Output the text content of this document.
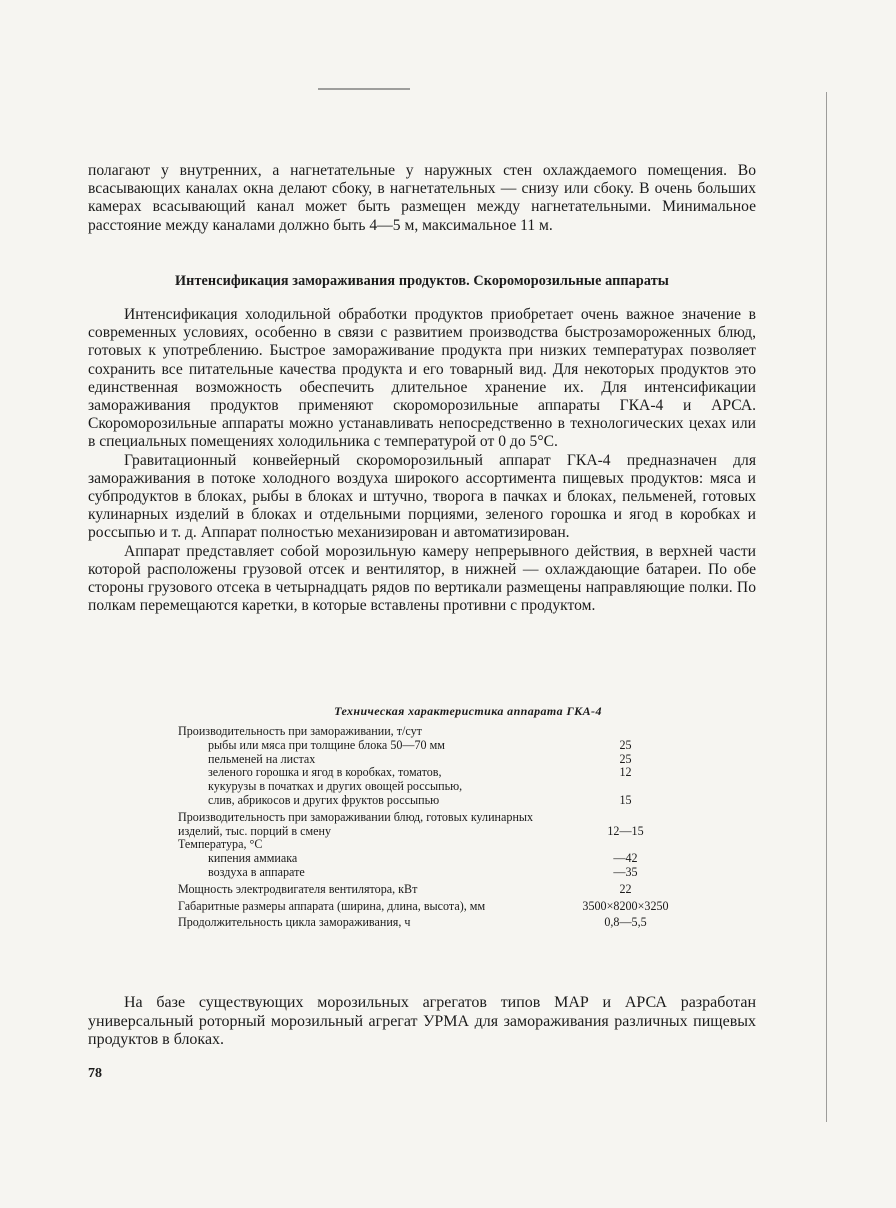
полагают у внутренних, а нагнетательные у наружных стен охлаждаемого помещения. Во всасывающих каналах окна делают сбоку, в нагнетательных — снизу или сбоку. В очень больших камерах всасывающий канал может быть размещен между нагнетательными. Минимальное расстояние между каналами должно быть 4—5 м, максимальное 11 м.

Интенсификация замораживания продуктов. Скороморозильные аппараты

Интенсификация холодильной обработки продуктов приобретает очень важное значение в современных условиях, особенно в связи с развитием производства быстрозамороженных блюд, готовых к употреблению. Быстрое замораживание продукта при низких температурах позволяет сохранить все питательные качества продукта и его товарный вид. Для некоторых продуктов это единственная возможность обеспечить длительное хранение их. Для интенсификации замораживания продуктов применяют скороморозильные аппараты ГКА-4 и АРСА. Скороморозильные аппараты можно устанавливать непосредственно в технологических цехах или в специальных помещениях холодильника с температурой от 0 до 5°С.

Гравитационный конвейерный скороморозильный аппарат ГКА-4 предназначен для замораживания в потоке холодного воздуха широкого ассортимента пищевых продуктов: мяса и субпродуктов в блоках, рыбы в блоках и штучно, творога в пачках и блоках, пельменей, готовых кулинарных изделий в блоках и отдельными порциями, зеленого горошка и ягод в коробках и россыпью и т. д. Аппарат полностью механизирован и автоматизирован.

Аппарат представляет собой морозильную камеру непрерывного действия, в верхней части которой расположены грузовой отсек и вентилятор, в нижней — охлаждающие батареи. По обе стороны грузового отсека в четырнадцать рядов по вертикали размещены направляющие полки. По полкам перемещаются каретки, в которые вставлены противни с продуктом.

Техническая характеристика аппарата ГКА-4
Производительность при замораживании, т/сут
рыбы или мяса при толщине блока 50—70 мм	25
пельменей на листах	25
зеленого горошка и ягод в коробках, томатов,	12
кукурузы в початках и других овощей россыпью,
слив, абрикосов и других фруктов россыпью	15
Производительность при замораживании блюд, готовых кулинарных изделий, тыс. порций в смену	12—15
Температура, °С
кипения аммиака	—42
воздуха в аппарате	—35
Мощность электродвигателя вентилятора, кВт	22
Габаритные размеры аппарата (ширина, длина, высота), мм	3500×8200×3250
Продолжительность цикла замораживания, ч	0,8—5,5

На базе существующих морозильных агрегатов типов МАР и АРСА разработан универсальный роторный морозильный агрегат УРМА для замораживания различных пищевых продуктов в блоках.

78
